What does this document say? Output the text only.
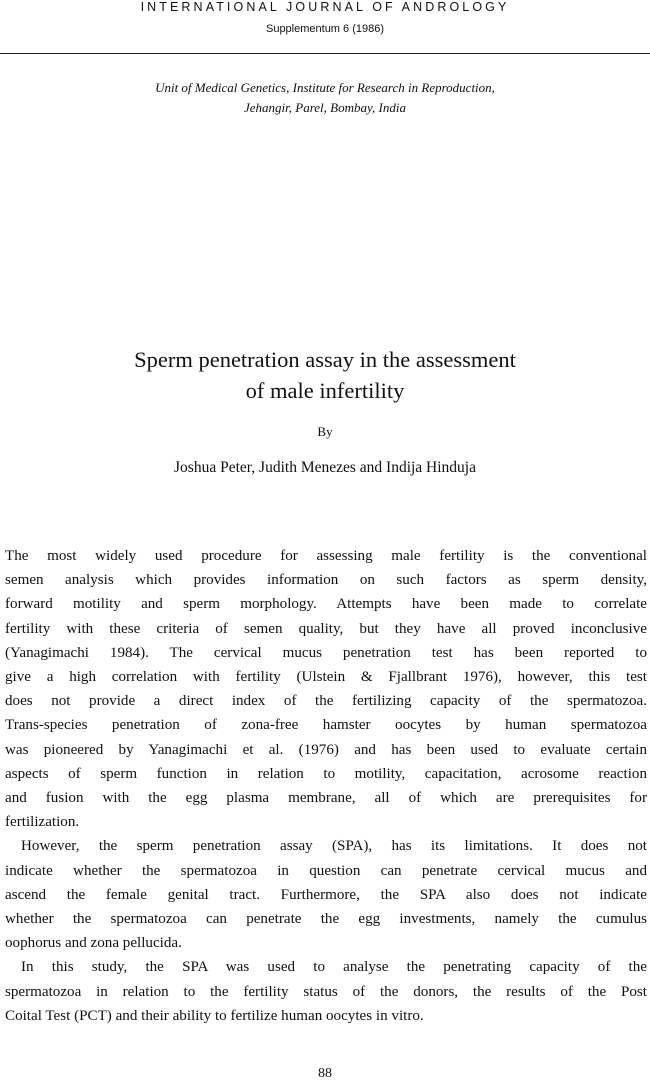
INTERNATIONAL JOURNAL OF ANDROLOGY
Supplementum 6 (1986)
Unit of Medical Genetics, Institute for Research in Reproduction,
Jehangir, Parel, Bombay, India
Sperm penetration assay in the assessment
of male infertility
By
Joshua Peter, Judith Menezes and Indija Hinduja

The most widely used procedure for assessing male fertility is the conventional
semen analysis which provides information on such factors as sperm density,
forward motility and sperm morphology. Attempts have been made to correlate
fertility with these criteria of semen quality, but they have all proved inconclusive
(Yanagimachi 1984). The cervical mucus penetration test has been reported to
give a high correlation with fertility (Ulstein & Fjallbrant 1976), however, this test
does not provide a direct index of the fertilizing capacity of the spermatozoa.
Trans-species penetration of zona-free hamster oocytes by human spermatozoa
was pioneered by Yanagimachi et al. (1976) and has been used to evaluate certain
aspects of sperm function in relation to motility, capacitation, acrosome reaction
and fusion with the egg plasma membrane, all of which are prerequisites for
fertilization.

However, the sperm penetration assay (SPA), has its limitations. It does not
indicate whether the spermatozoa in question can penetrate cervical mucus and
ascend the female genital tract. Furthermore, the SPA also does not indicate
whether the spermatozoa can penetrate the egg investments, namely the cumulus
oophorus and zona pellucida.

In this study, the SPA was used to analyse the penetrating capacity of the
spermatozoa in relation to the fertility status of the donors, the results of the Post
Coital Test (PCT) and their ability to fertilize human oocytes in vitro.

88
